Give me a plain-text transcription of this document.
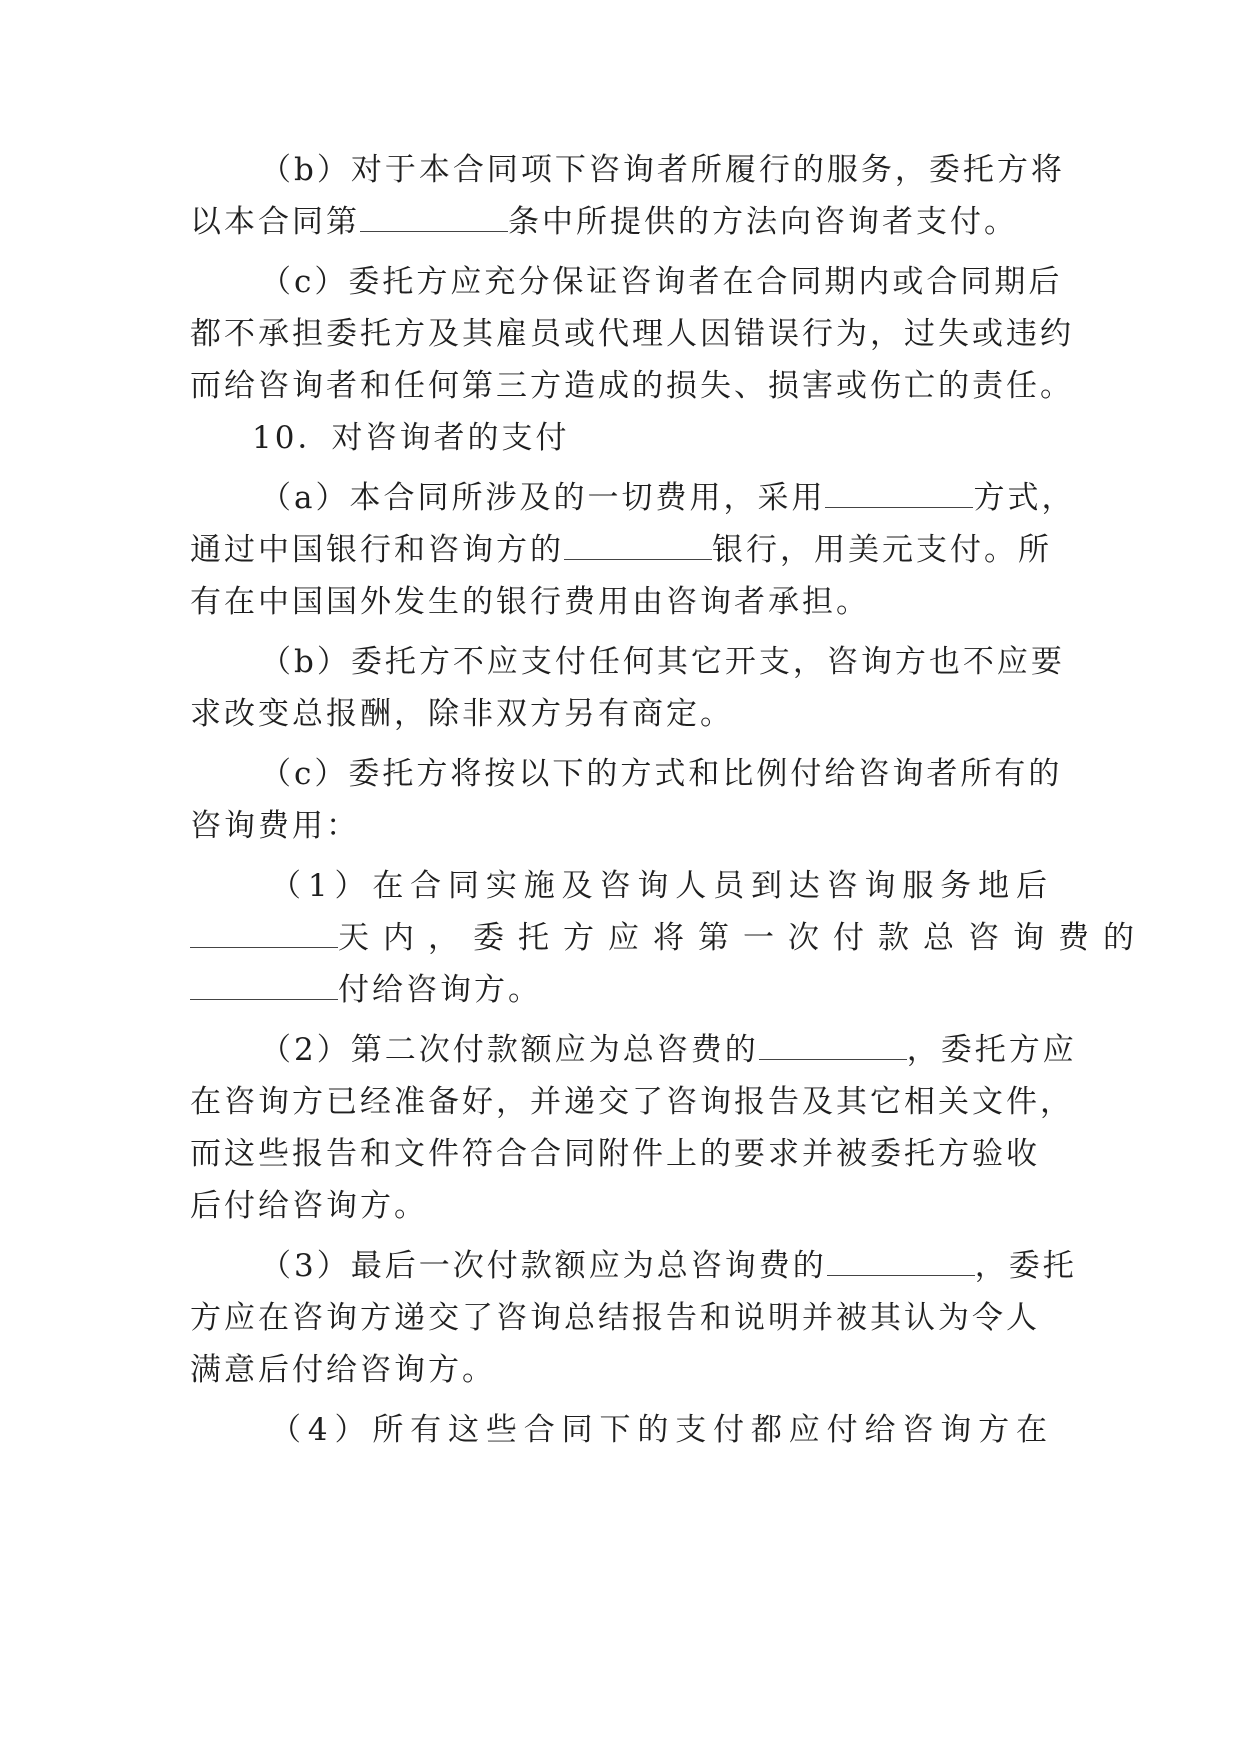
（b）对于本合同项下咨询者所履行的服务，委托方将
以本合同第	条中所提供的方法向咨询者支付。
（c）委托方应充分保证咨询者在合同期内或合同期后
都不承担委托方及其雇员或代理人因错误行为，过失或违约
而给咨询者和任何第三方造成的损失、损害或伤亡的责任。
10．对咨询者的支付
（a）本合同所涉及的一切费用，采用	方式，
通过中国银行和咨询方的	银行，用美元支付。所
有在中国国外发生的银行费用由咨询者承担。
（b）委托方不应支付任何其它开支，咨询方也不应要
求改变总报酬，除非双方另有商定。
（c）委托方将按以下的方式和比例付给咨询者所有的
咨询费用：
（1）在合同实施及咨询人员到达咨询服务地后
天内，委托方应将第一次付款总咨询费的
付给咨询方。
（2）第二次付款额应为总咨费的	，委托方应
在咨询方已经准备好，并递交了咨询报告及其它相关文件，
而这些报告和文件符合合同附件上的要求并被委托方验收
后付给咨询方。
（3）最后一次付款额应为总咨询费的	，委托
方应在咨询方递交了咨询总结报告和说明并被其认为令人
满意后付给咨询方。
（4）所有这些合同下的支付都应付给咨询方在
